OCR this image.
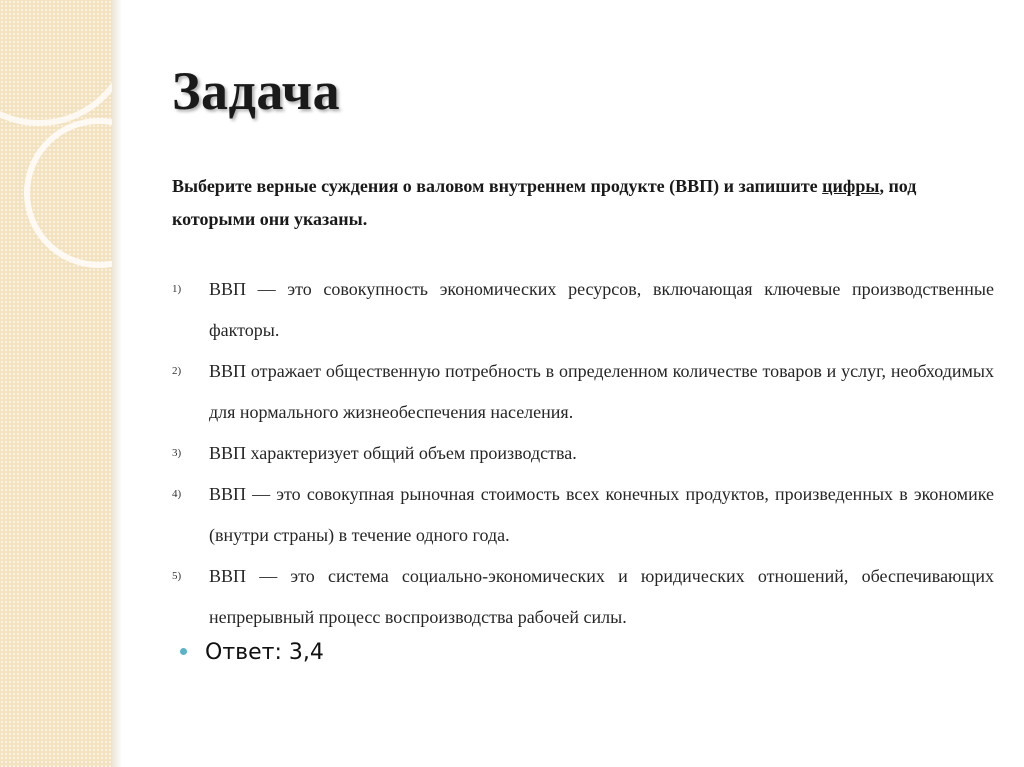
Задача
Выберите верные суждения о валовом внутреннем продукте (ВВП) и запишите цифры, под которыми они указаны.
1) ВВП — это совокупность экономических ресурсов, включающая ключевые производственные факторы.
2) ВВП отражает общественную потребность в определенном количестве товаров и услуг, необходимых для нормального жизнеобеспечения населения.
3) ВВП характеризует общий объем производства.
4) ВВП — это совокупная рыночная стоимость всех конечных продуктов, произведенных в экономике (внутри страны) в течение одного года.
5) ВВП — это система социально-экономических и юридических отношений, обеспечивающих непрерывный процесс воспроизводства рабочей силы.
Ответ: 3,4
